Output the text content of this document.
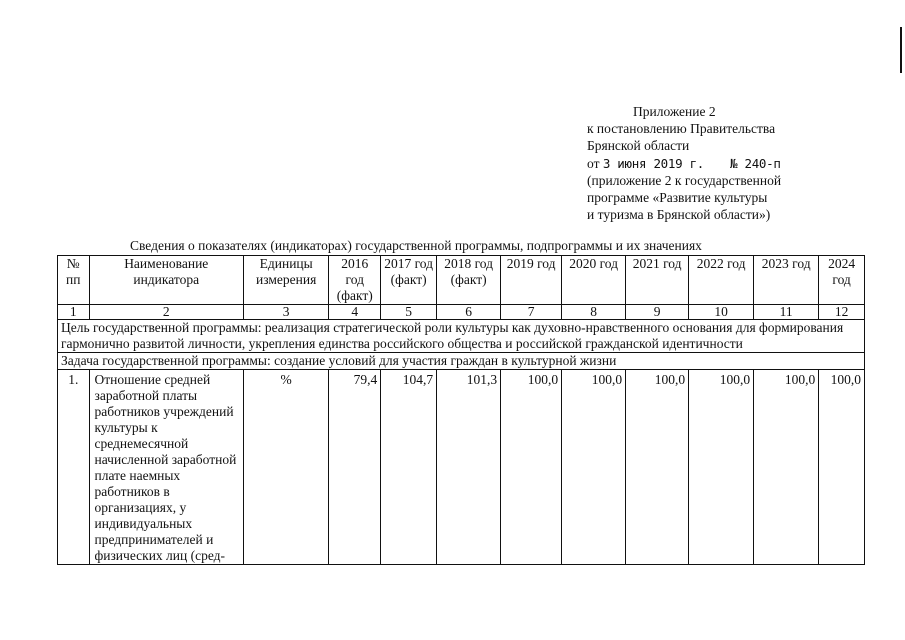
Приложение 2
к постановлению Правительства
Брянской области
от 3 июня 2019 г. № 240-п
(приложение 2 к государственной
программе «Развитие культуры
и туризма в Брянской области»)
Сведения о показателях (индикаторах) государственной программы, подпрограммы и их значениях
№ пп	Наименование индикатора	Единицы измерения	2016 год (факт)	2017 год (факт)	2018 год (факт)	2019 год	2020 год	2021 год	2022 год	2023 год	2024 год
1	2	3	4	5	6	7	8	9	10	11	12
Цель государственной программы: реализация стратегической роли культуры как духовно-нравственного основания для формирования гармонично развитой личности, укрепления единства российского общества и российской гражданской идентичности											
Задача государственной программы: создание условий для участия граждан в культурной жизни											
1.	Отношение средней заработной платы работников учреждений культуры к среднемесячной начисленной заработной плате наемных работников в организациях, у индивидуальных предпринимателей и физических лиц (сред-	%	79,4	104,7	101,3	100,0	100,0	100,0	100,0	100,0	100,0
